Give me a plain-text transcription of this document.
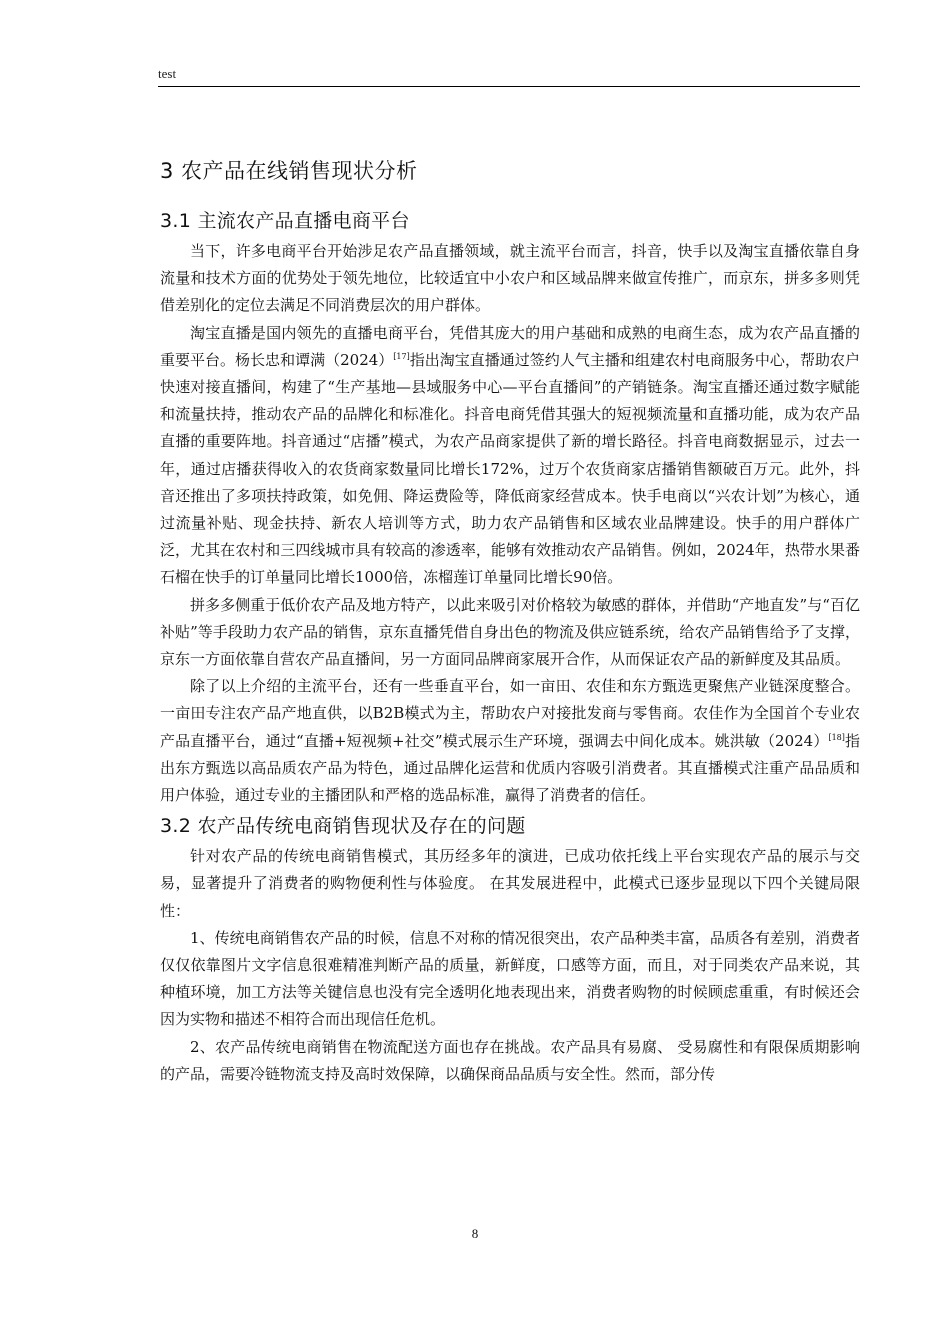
test
3 农产品在线销售现状分析
3.1 主流农产品直播电商平台

当下，许多电商平台开始涉足农产品直播领域，就主流平台而言，抖音，快手以及淘宝直播依靠自身流量和技术方面的优势处于领先地位，比较适宜中小农户和区域品牌来做宣传推广，而京东，拼多多则凭借差别化的定位去满足不同消费层次的用户群体。

淘宝直播是国内领先的直播电商平台，凭借其庞大的用户基础和成熟的电商生态，成为农产品直播的重要平台。杨长忠和谭满（2024）[17]指出淘宝直播通过签约人气主播和组建农村电商服务中心，帮助农户快速对接直播间，构建了“生产基地—县域服务中心—平台直播间”的产销链条。淘宝直播还通过数字赋能和流量扶持，推动农产品的品牌化和标准化。抖音电商凭借其强大的短视频流量和直播功能，成为农产品直播的重要阵地。抖音通过“店播”模式，为农产品商家提供了新的增长路径。抖音电商数据显示，过去一年，通过店播获得收入的农货商家数量同比增长172%，过万个农货商家店播销售额破百万元。此外，抖音还推出了多项扶持政策，如免佣、降运费险等，降低商家经营成本。快手电商以“兴农计划”为核心，通过流量补贴、现金扶持、新农人培训等方式，助力农产品销售和区域农业品牌建设。快手的用户群体广泛，尤其在农村和三四线城市具有较高的渗透率，能够有效推动农产品销售。例如，2024年，热带水果番石榴在快手的订单量同比增长1000倍，冻榴莲订单量同比增长90倍。

拼多多侧重于低价农产品及地方特产，以此来吸引对价格较为敏感的群体，并借助“产地直发”与“百亿补贴”等手段助力农产品的销售，京东直播凭借自身出色的物流及供应链系统，给农产品销售给予了支撑，京东一方面依靠自营农产品直播间，另一方面同品牌商家展开合作，从而保证农产品的新鲜度及其品质。

除了以上介绍的主流平台，还有一些垂直平台，如一亩田、农佳和东方甄选更聚焦产业链深度整合。一亩田专注农产品产地直供，以B2B模式为主，帮助农户对接批发商与零售商。农佳作为全国首个专业农产品直播平台，通过“直播+短视频+社交”模式展示生产环境，强调去中间化成本。姚洪敏（2024）[18]指出东方甄选以高品质农产品为特色，通过品牌化运营和优质内容吸引消费者。其直播模式注重产品品质和用户体验，通过专业的主播团队和严格的选品标准，赢得了消费者的信任。

3.2 农产品传统电商销售现状及存在的问题

针对农产品的传统电商销售模式，其历经多年的演进，已成功依托线上平台实现农产品的展示与交易，显著提升了消费者的购物便利性与体验度。 在其发展进程中，此模式已逐步显现以下四个关键局限性：

1、传统电商销售农产品的时候，信息不对称的情况很突出，农产品种类丰富，品质各有差别，消费者仅仅依靠图片文字信息很难精准判断产品的质量，新鲜度，口感等方面，而且，对于同类农产品来说，其种植环境，加工方法等关键信息也没有完全透明化地表现出来，消费者购物的时候顾虑重重，有时候还会因为实物和描述不相符合而出现信任危机。

2、农产品传统电商销售在物流配送方面也存在挑战。农产品具有易腐、 受易腐性和有限保质期影响的产品，需要冷链物流支持及高时效保障，以确保商品品质与安全性。然而，部分传

8
